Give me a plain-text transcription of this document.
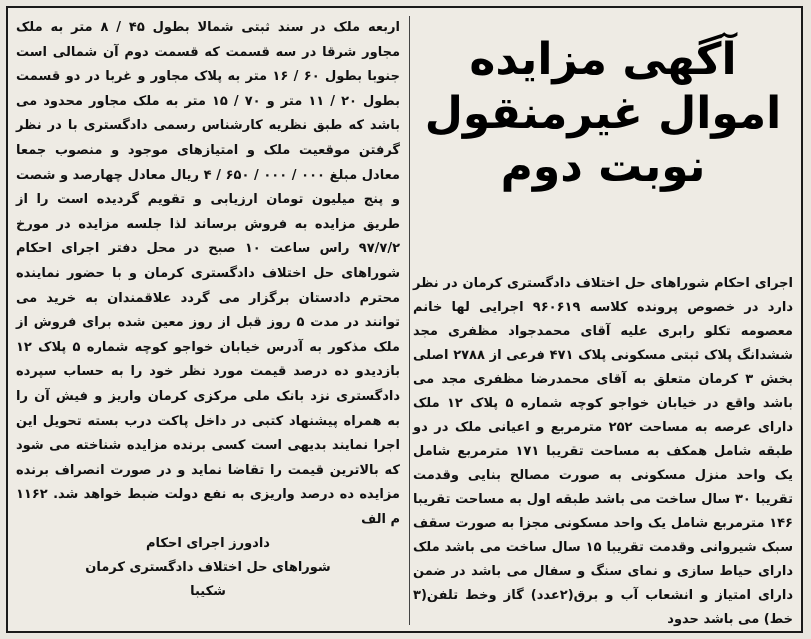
اربعه ملک در سند ثبتی شمالا بطول ۴۵ / ۸ متر به ملک مجاور شرقا در سه قسمت که قسمت دوم آن شمالی است جنوبا بطول ۶۰ / ۱۶ متر به پلاک مجاور و غربا در دو قسمت بطول ۲۰ / ۱۱ متر و ۷۰ / ۱۵ متر به ملک مجاور محدود می باشد که طبق نظریه کارشناس رسمی دادگستری با در نظر گرفتن موقعیت ملک و امتیازهای موجود و منصوب جمعا معادل مبلغ ۰۰۰ / ۰۰۰ / ۶۵۰ / ۴ ریال معادل چهارصد و شصت و پنج میلیون تومان ارزیابی و تقویم گردیده است را از طریق مزایده به فروش برساند لذا جلسه مزایده در مورخ ۹۷/۷/۲ راس ساعت ۱۰ صبح در محل دفتر اجرای احکام شوراهای حل اختلاف دادگستری کرمان و با حضور نماینده محترم دادستان برگزار می گردد علاقمندان به خرید می توانند در مدت ۵ روز قبل از روز معین شده برای فروش از ملک مذکور به آدرس خیابان خواجو کوچه شماره ۵ پلاک ۱۲ بازدیدو ده درصد قیمت مورد نظر خود را به حساب سپرده دادگستری نزد بانک ملی مرکزی کرمان واریز و فیش آن را به همراه پیشنهاد کتبی در داخل پاکت درب بسته تحویل این اجرا نمایند بدیهی است کسی برنده مزایده شناخته می شود که بالاترین قیمت را تقاضا نماید و در صورت انصراف برنده مزایده ده درصد واریزی به نفع دولت ضبط خواهد شد. ۱۱۶۲ م الف
دادورز اجرای احکام
شوراهای حل اختلاف دادگستری کرمان
شکیبا
آگهی مزایده
اموال غیرمنقول
نوبت دوم
اجرای احکام شوراهای حل اختلاف دادگستری کرمان در نظر دارد در خصوص پرونده کلاسه ۹۶۰۶۱۹ اجرایی لها خانم معصومه تکلو رابری علیه آقای محمدجواد مظفری مجد ششدانگ پلاک ثبتی مسکونی پلاک ۴۷۱ فرعی از ۲۷۸۸ اصلی بخش ۳ کرمان متعلق به آقای محمدرضا مظفری مجد می باشد واقع در خیابان خواجو کوچه شماره ۵ پلاک ۱۲ ملک دارای عرصه به مساحت ۲۵۲ مترمربع و اعیانی ملک در دو طبقه شامل همکف به مساحت تقریبا ۱۷۱ مترمربع شامل یک واحد منزل مسکونی به صورت مصالح بنایی وقدمت تقریبا ۳۰ سال ساخت می باشد طبقه اول به مساحت تقریبا ۱۴۶ مترمربع شامل یک واحد مسکونی مجزا به صورت سقف سبک شیروانی وقدمت تقریبا ۱۵ سال ساخت می باشد ملک دارای حیاط سازی و نمای سنگ و سفال می باشد در ضمن دارای امتیاز و انشعاب آب و برق(۲عدد) گاز وخط تلفن(۳ خط) می باشد حدود
